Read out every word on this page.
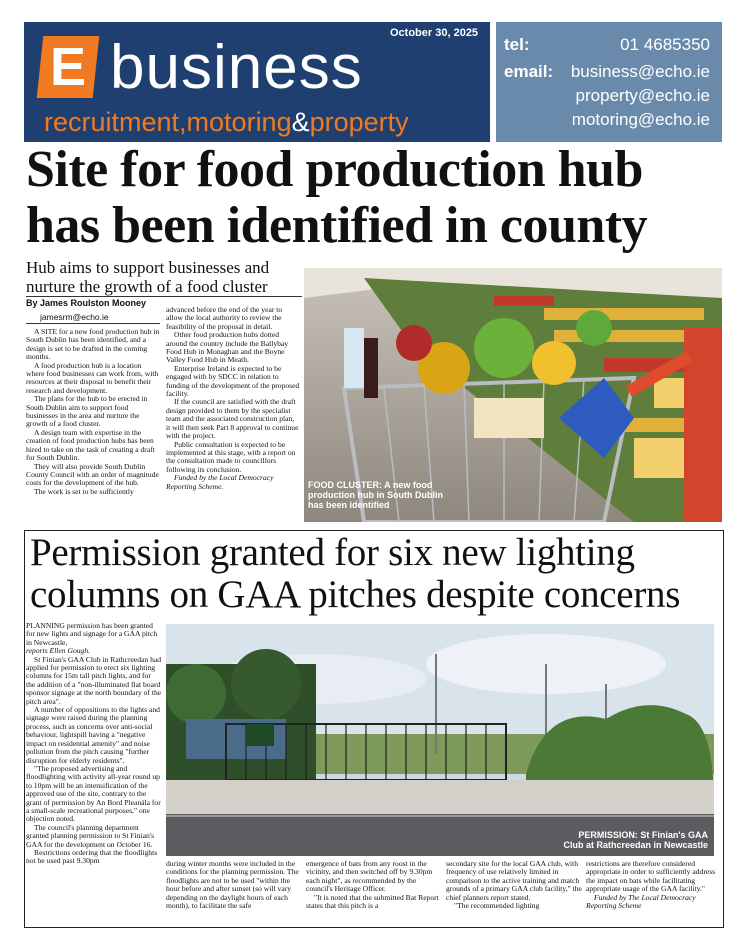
E business October 30, 2025
recruitment,motoring&property
tel:	01 4685350
email: business@echo.ie
property@echo.ie
motoring@echo.ie
Site for food production hub has been identified in county
Hub aims to support businesses and nurture the growth of a food cluster
By James Roulston Mooney
jamesrm@echo.ie

A SITE for a new food production hub in South Dublin has been identified, and a design is set to be drafted in the coming months.

A food production hub is a location where food businesses can work from, with resources at their disposal to benefit their research and development.

The plans for the hub to be erected in South Dublin aim to support food businesses in the area and nurture the growth of a food cluster.

A design team with expertise in the creation of food production hubs has been hired to take on the task of creating a draft for South Dublin.

They will also provide South Dublin County Council with an order of magnitude costs for the development of the hub.

The work is set to be sufficiently

advanced before the end of the year to allow the local authority to review the feasibility of the proposal in detail.

Other food production hubs dotted around the country include the Ballybay Food Hub in Monaghan and the Boyne Valley Food Hub in Meath.

Enterprise Ireland is expected to be engaged with by SDCC in relation to funding of the development of the proposed facility.

If the council are satisfied with the draft design provided to them by the specialist team and the associated construction plan, it will then seek Part 8 approval to continue with the project.

Public consultation is expected to be implemented at this stage, with a report on the consultation made to councillors following its conclusion.

Funded by the Local Democracy Reporting Scheme.	FOOD CLUSTER: A new food production hub in South Dublin has been identified
Permission granted for six new lighting columns on GAA pitches despite concerns

PLANNING permission has been granted for new lights and signage for a GAA pitch in Newcastle,

reports Ellen Gough.

St Finian's GAA Club in Rathcreedan had applied for permission to erect six lighting columns for 15m tall pitch lights, and for the addition of a "non-illuminated flat board sponsor signage at the north boundary of the pitch area".

A number of oppositions to the lights and signage were raised during the planning process, such as concerns over anti-social behaviour, lightspill having a "negative impact on residential amenity" and noise pollution from the pitch causing "further disruption for elderly residents".

"The proposed advertising and floodlighting with activity all-year round up to 10pm will be an intensification of the approved use of the site, contrary to the grant of permission by An Bord Pleanála for a small-scale recreational purposes," one objection noted.

The council's planning department granted planning permission to St Finian's GAA for the development on October 16.

Restrictions ordering that the floodlights not be used past 9.30pm

PERMISSION: St Finian's GAA
Club at Rathcreedan in Newcastle

during winter months were included in the conditions for the planning permission. The floodlights are not to be used "within the hour before and after sunset (so will vary depending on the daylight hours of each month), to facilitate the safe

emergence of bats from any roost in the vicinity, and then switched off by 9.30pm each night", as recommended by the council's Heritage Officer.

"It is noted that the submitted Bat Report states that this pitch is a

secondary site for the local GAA club, with frequency of use relatively limited in comparison to the active training and match grounds of a primary GAA club facility," the chief planners report stated.

"The recommended lighting

restrictions are therefore considered appropriate in order to sufficiently address the impact on bats while facilitating appropriate usage of the GAA facility."

Funded by The Local Democracy Reporting Scheme
